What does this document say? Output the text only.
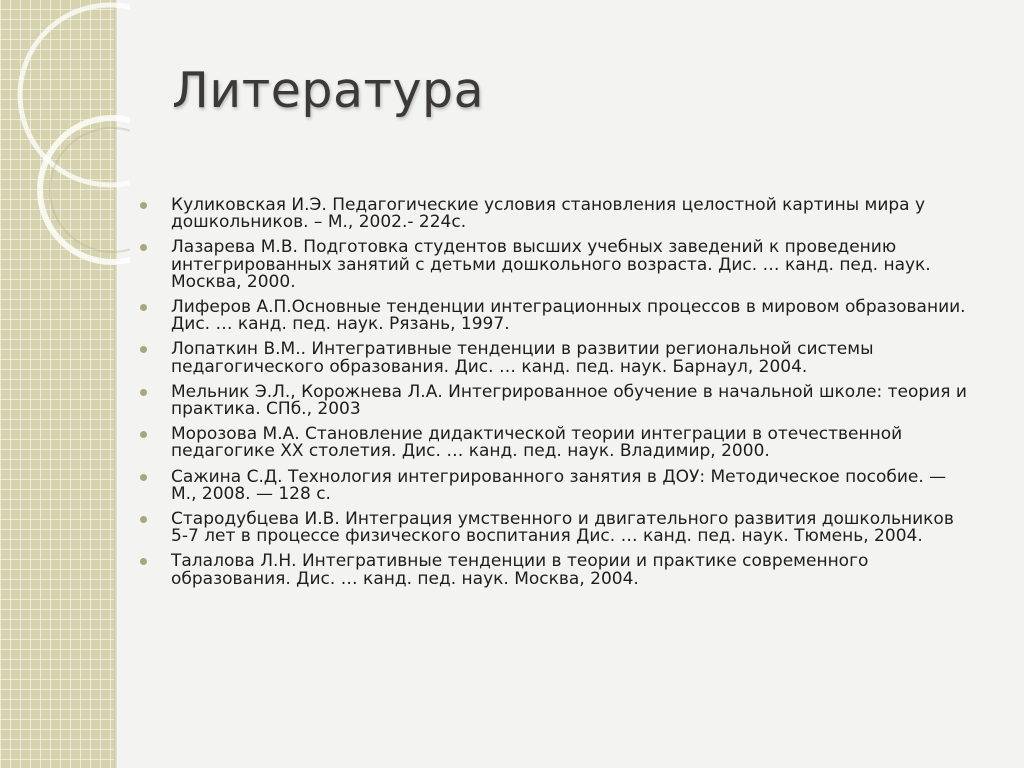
Литература
Куликовская И.Э. Педагогические условия становления целостной картины мира у дошкольников. – М., 2002.- 224с.
Лазарева М.В. Подготовка студентов высших учебных заведений к проведению интегрированных занятий с детьми дошкольного возраста. Дис. … канд. пед. наук. Москва, 2000.
Лиферов А.П.Основные тенденции интеграционных процессов в мировом образовании. Дис. … канд. пед. наук. Рязань, 1997.
Лопаткин В.М.. Интегративные тенденции в развитии региональной системы педагогического образования. Дис. … канд. пед. наук. Барнаул, 2004.
Мельник Э.Л., Корожнева Л.А. Интегрированное обучение в начальной школе: теория и практика. СПб., 2003
Морозова М.А. Становление дидактической теории интеграции в отечественной педагогике XX столетия. Дис. … канд. пед. наук. Владимир, 2000.
Сажина С.Д. Технология интегрированного занятия в ДОУ: Методическое пособие. — М., 2008. — 128 с.
Стародубцева И.В. Интеграция умственного и двигательного развития дошкольников 5-7 лет в процессе физического воспитания Дис. … канд. пед. наук. Тюмень, 2004.
Талалова Л.Н. Интегративные тенденции в теории и практике современного образования. Дис. … канд. пед. наук. Москва, 2004.
